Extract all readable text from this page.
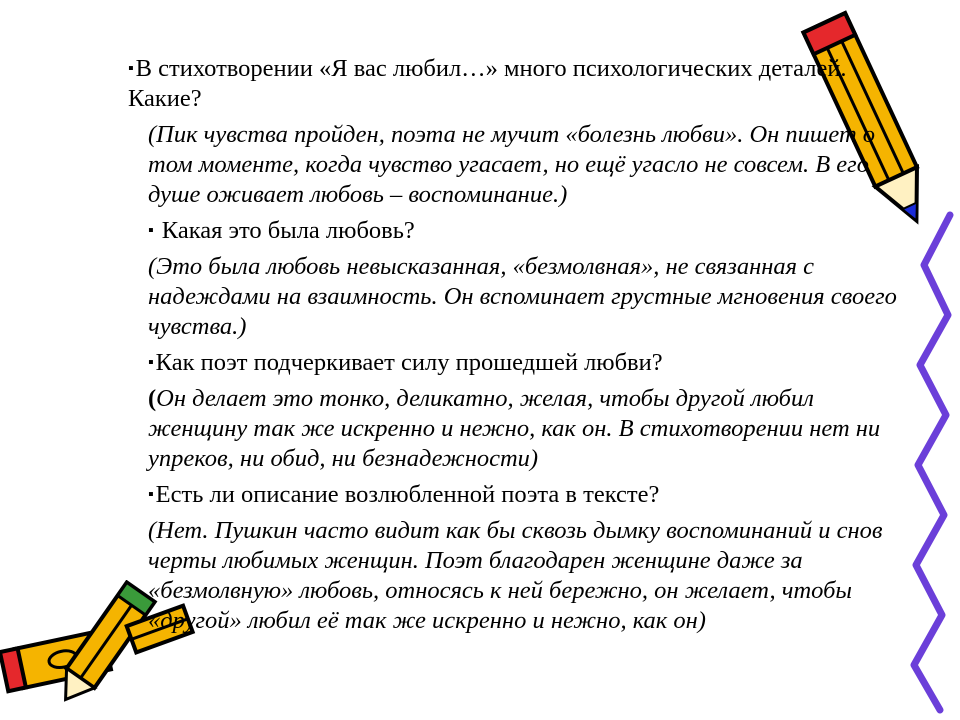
▪В стихотворении «Я вас любил…» много психологических деталей. Какие?

(Пик чувства пройден, поэта не мучит «болезнь любви». Он пишет о том моменте, когда чувство угасает, но ещё угасло не совсем. В его душе оживает любовь – воспоминание.)

▪ Какая это была любовь?

(Это была любовь невысказанная, «безмолвная», не связанная с надеждами на взаимность. Он вспоминает грустные мгновения своего чувства.)

▪Как поэт подчеркивает силу прошедшей любви?

(Он делает это тонко, деликатно, желая, чтобы другой любил женщину так же искренно и нежно, как он. В стихотворении нет ни упреков, ни обид, ни безнадежности)

▪Есть ли описание возлюбленной поэта в тексте?

(Нет. Пушкин часто видит как бы сквозь дымку воспоминаний и снов черты любимых женщин. Поэт благодарен женщине даже за «безмолвную» любовь, относясь к ней бережно, он желает, чтобы «другой» любил её так же искренно и нежно, как он)
